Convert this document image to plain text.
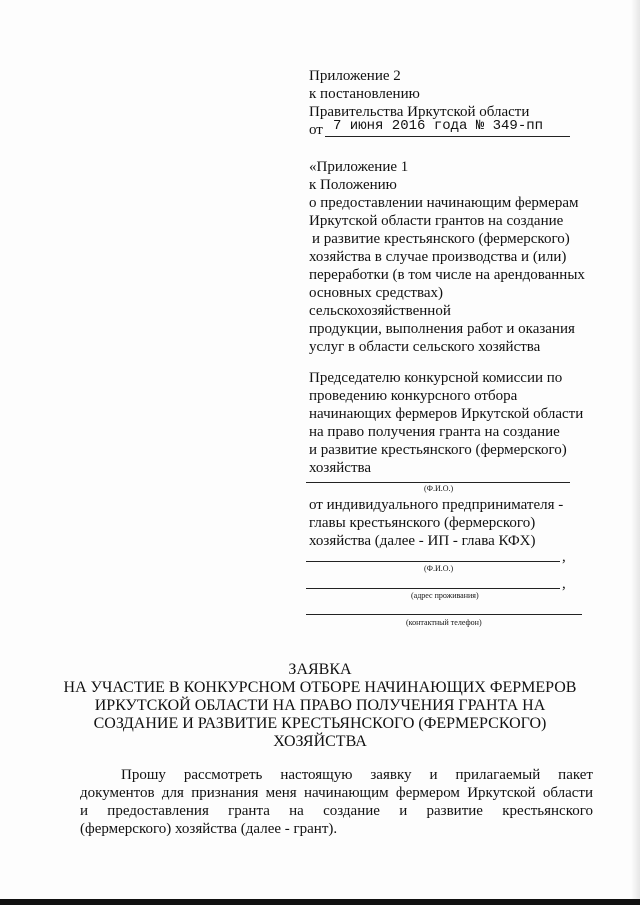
Приложение 2
к постановлению
Правительства Иркутской области
от 7 июня 2016 года № 349-пп
«Приложение 1
к Положению
о предоставлении начинающим фермерам
Иркутской области грантов на создание
и развитие крестьянского (фермерского)
хозяйства в случае производства и (или)
переработки (в том числе на арендованных
основных средствах)
сельскохозяйственной
продукции, выполнения работ и оказания
услуг в области сельского хозяйства
Председателю конкурсной комиссии по
проведению конкурсного отбора
начинающих фермеров Иркутской области
на право получения гранта на создание
и развитие крестьянского (фермерского)
хозяйства
(Ф.И.О.)
от индивидуального предпринимателя -
главы крестьянского (фермерского)
хозяйства (далее - ИП - глава КФХ)
,
(Ф.И.О.)
,
(адрес проживания)
(контактный телефон)
ЗАЯВКА
НА УЧАСТИЕ В КОНКУРСНОМ ОТБОРЕ НАЧИНАЮЩИХ ФЕРМЕРОВ
ИРКУТСКОЙ ОБЛАСТИ НА ПРАВО ПОЛУЧЕНИЯ ГРАНТА НА
СОЗДАНИЕ И РАЗВИТИЕ КРЕСТЬЯНСКОГО (ФЕРМЕРСКОГО)
ХОЗЯЙСТВА
Прошу рассмотреть настоящую заявку и прилагаемый пакет
документов для признания меня начинающим фермером Иркутской области
и предоставления гранта на создание и развитие крестьянского
(фермерского) хозяйства (далее - грант).
